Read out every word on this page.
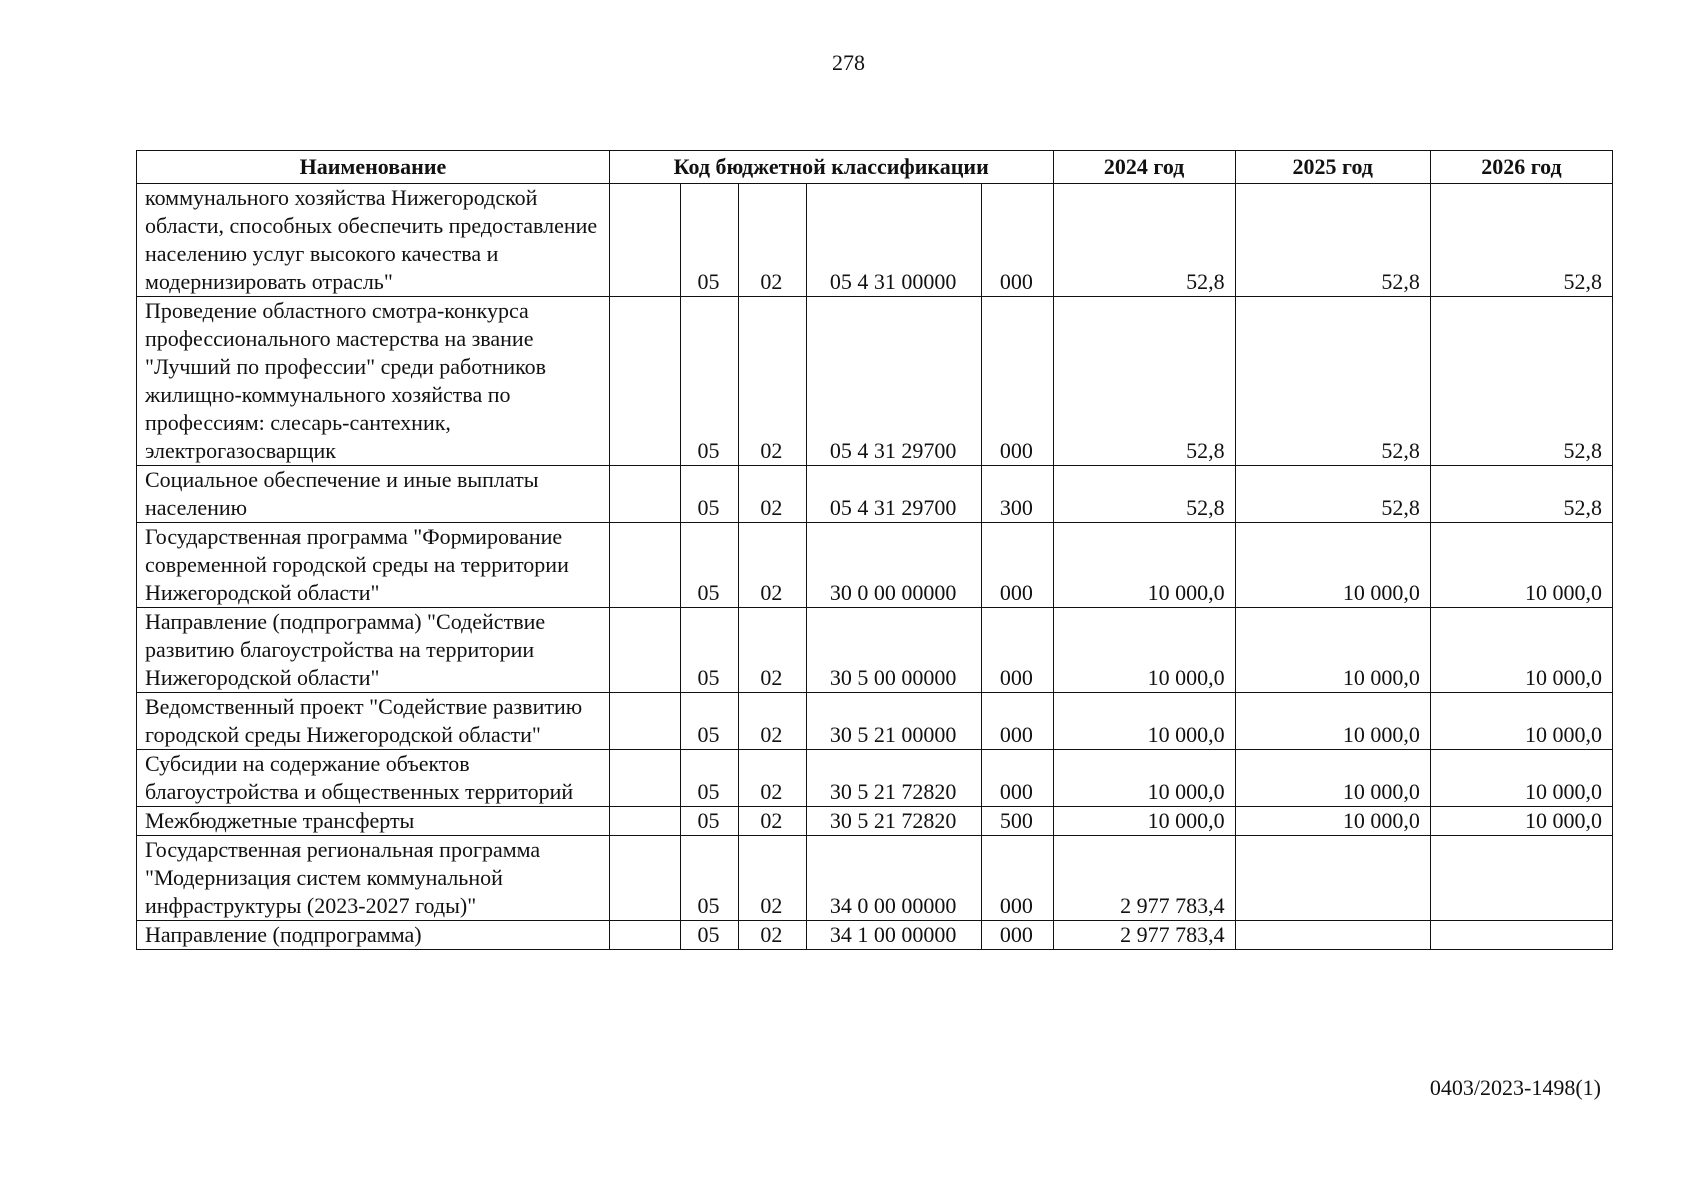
278
Наименование	Код бюджетной классификации					2024 год	2025 год	2026 год
коммунального хозяйства Нижегородской области, способных обеспечить предоставление населению услуг высокого качества и модернизировать отрасль"		05	02	05 4 31 00000	000	52,8	52,8	52,8
Проведение областного смотра-конкурса профессионального мастерства на звание "Лучший по профессии" среди работников жилищно-коммунального хозяйства по профессиям: слесарь-сантехник, электрогазосварщик		05	02	05 4 31 29700	000	52,8	52,8	52,8
Социальное обеспечение и иные выплаты населению		05	02	05 4 31 29700	300	52,8	52,8	52,8
Государственная программа "Формирование современной городской среды на территории Нижегородской области"		05	02	30 0 00 00000	000	10 000,0	10 000,0	10 000,0
Направление (подпрограмма) "Содействие развитию благоустройства на территории Нижегородской области"		05	02	30 5 00 00000	000	10 000,0	10 000,0	10 000,0
Ведомственный проект "Содействие развитию городской среды Нижегородской области"		05	02	30 5 21 00000	000	10 000,0	10 000,0	10 000,0
Субсидии на содержание объектов благоустройства и общественных территорий		05	02	30 5 21 72820	000	10 000,0	10 000,0	10 000,0
Межбюджетные трансферты		05	02	30 5 21 72820	500	10 000,0	10 000,0	10 000,0
Государственная региональная программа "Модернизация систем коммунальной инфраструктуры (2023-2027 годы)"		05	02	34 0 00 00000	000	2 977 783,4		
Направление (подпрограмма)		05	02	34 1 00 00000	000	2 977 783,4		
0403/2023-1498(1)
